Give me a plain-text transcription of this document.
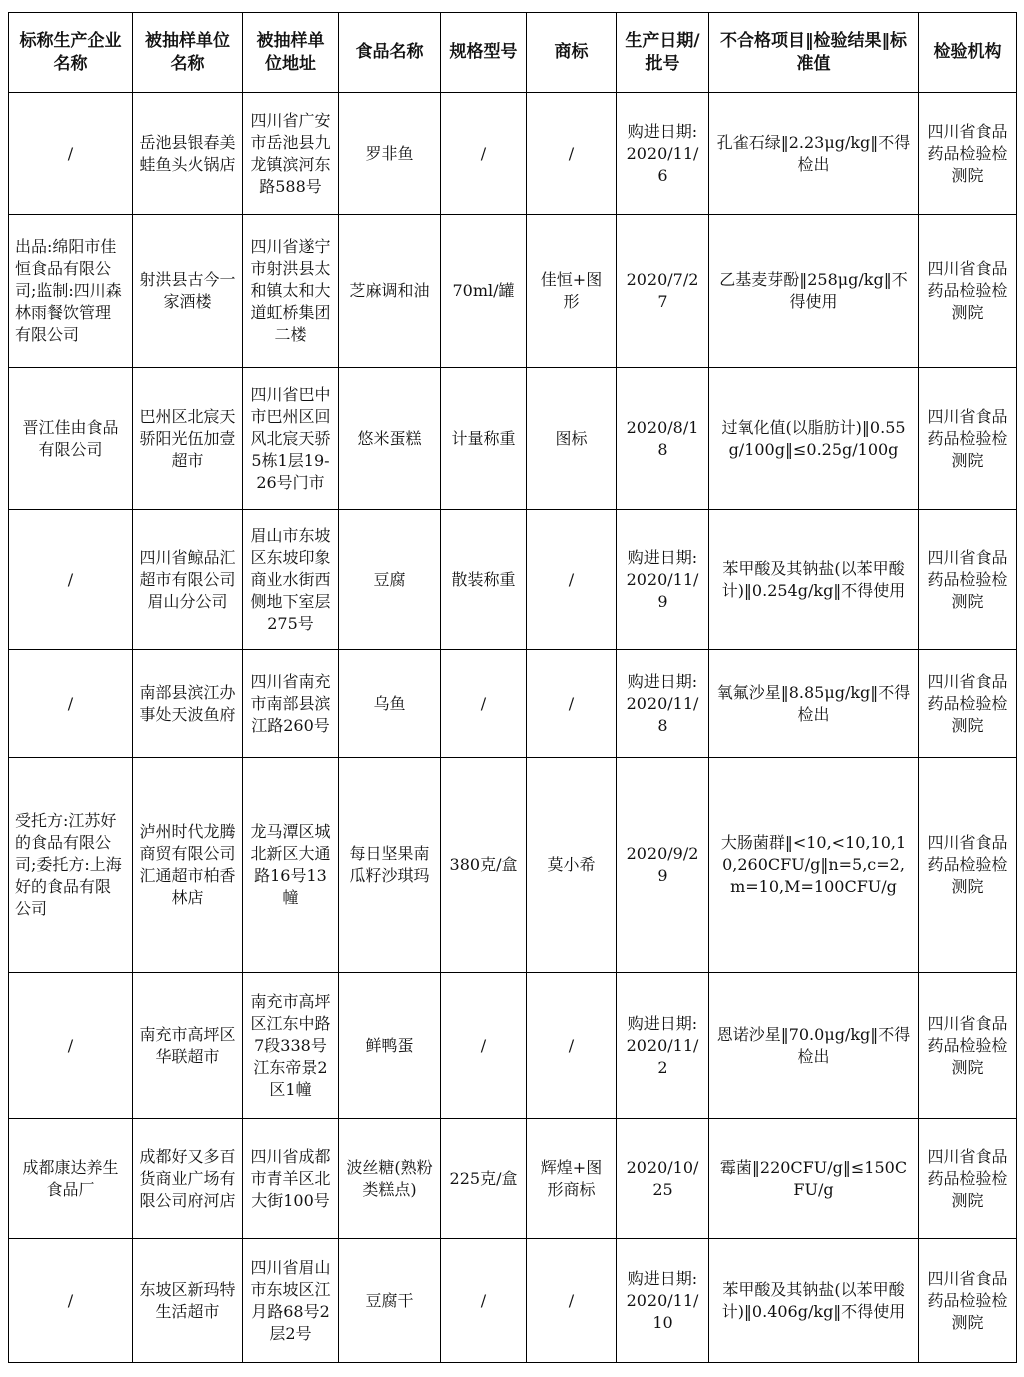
标称生产企业名称	被抽样单位名称	被抽样单位地址	食品名称	规格型号	商标	生产日期/批号	不合格项目‖检验结果‖标准值	检验机构
/	岳池县银春美蛙鱼头火锅店	四川省广安市岳池县九龙镇滨河东路588号	罗非鱼	/	/	购进日期:2020/11/6	孔雀石绿‖2.23μg/kg‖不得检出	四川省食品药品检验检测院
出品:绵阳市佳恒食品有限公司;监制:四川森林雨餐饮管理有限公司	射洪县古今一家酒楼	四川省遂宁市射洪县太和镇太和大道虹桥集团二楼	芝麻调和油	70ml/罐	佳恒+图形	2020/7/27	乙基麦芽酚‖258μg/kg‖不得使用	四川省食品药品检验检测院
晋江佳由食品有限公司	巴州区北宸天骄阳光伍加壹超市	四川省巴中市巴州区回风北宸天骄5栋1层19-26号门市	悠米蛋糕	计量称重	图标	2020/8/18	过氧化值(以脂肪计)‖0.55g/100g‖≤0.25g/100g	四川省食品药品检验检测院
/	四川省鲸品汇超市有限公司眉山分公司	眉山市东坡区东坡印象商业水街西侧地下室层275号	豆腐	散装称重	/	购进日期:2020/11/9	苯甲酸及其钠盐(以苯甲酸计)‖0.254g/kg‖不得使用	四川省食品药品检验检测院
/	南部县滨江办事处天波鱼府	四川省南充市南部县滨江路260号	乌鱼	/	/	购进日期:2020/11/8	氧氟沙星‖8.85μg/kg‖不得检出	四川省食品药品检验检测院
受托方:江苏好的食品有限公司;委托方:上海好的食品有限公司	泸州时代龙腾商贸有限公司汇通超市柏香林店	龙马潭区城北新区大通路16号13幢	每日坚果南瓜籽沙琪玛	380克/盒	莫小希	2020/9/29	大肠菌群‖<10,<10,10,10,260CFU/g‖n=5,c=2,m=10,M=100CFU/g	四川省食品药品检验检测院
/	南充市高坪区华联超市	南充市高坪区江东中路7段338号江东帝景2区1幢	鲜鸭蛋	/	/	购进日期:2020/11/2	恩诺沙星‖70.0μg/kg‖不得检出	四川省食品药品检验检测院
成都康达养生食品厂	成都好又多百货商业广场有限公司府河店	四川省成都市青羊区北大街100号	波丝糖(熟粉类糕点)	225克/盒	辉煌+图形商标	2020/10/25	霉菌‖220CFU/g‖≤150CFU/g	四川省食品药品检验检测院
/	东坡区新玛特生活超市	四川省眉山市东坡区江月路68号2层2号	豆腐干	/	/	购进日期:2020/11/10	苯甲酸及其钠盐(以苯甲酸计)‖0.406g/kg‖不得使用	四川省食品药品检验检测院
